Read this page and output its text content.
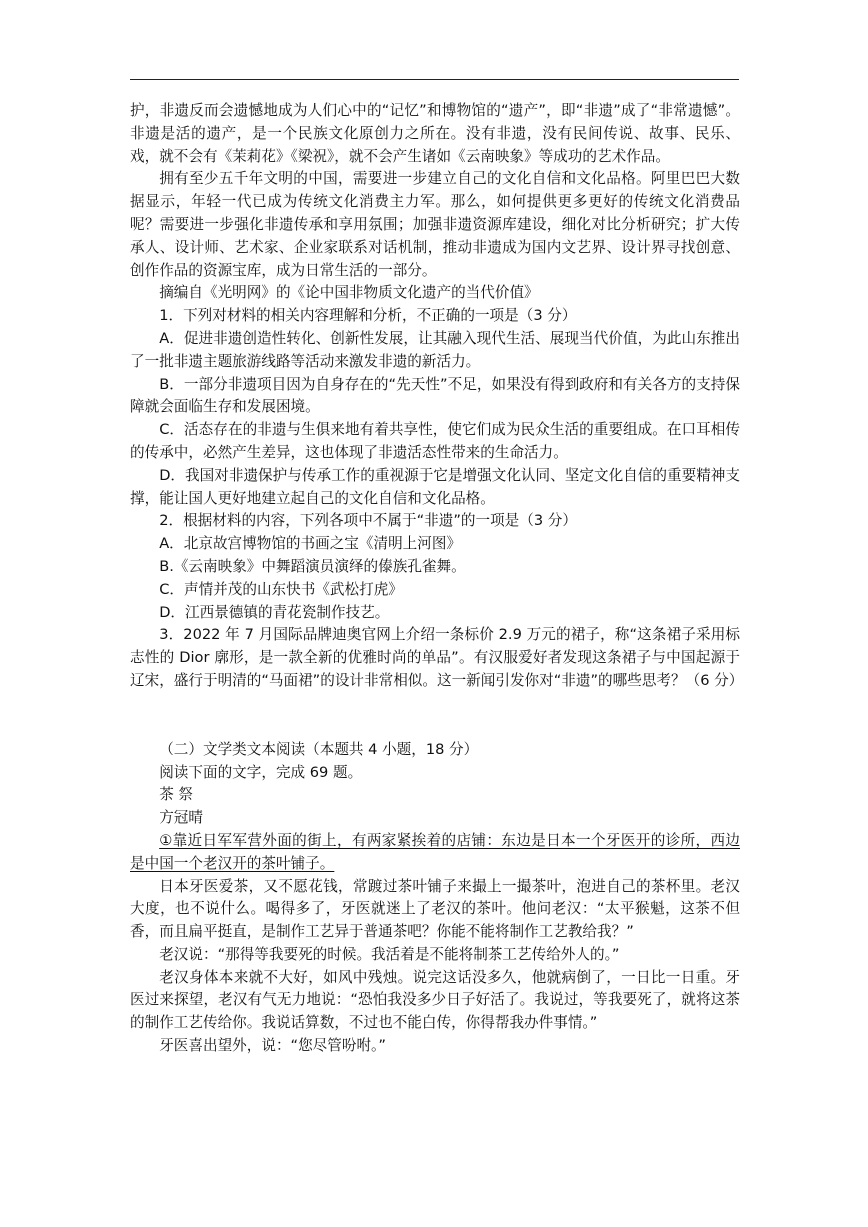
护，非遗反而会遗憾地成为人们心中的“记忆”和博物馆的“遗产”，即“非遗”成了“非常遗憾”。非遗是活的遗产，是一个民族文化原创力之所在。没有非遗，没有民间传说、故事、民乐、戏，就不会有《茉莉花》《梁祝》，就不会产生诸如《云南映象》等成功的艺术作品。

拥有至少五千年文明的中国，需要进一步建立自己的文化自信和文化品格。阿里巴巴大数据显示，年轻一代已成为传统文化消费主力军。那么，如何提供更多更好的传统文化消费品呢？需要进一步强化非遗传承和享用氛围；加强非遗资源库建设，细化对比分析研究；扩大传承人、设计师、艺术家、企业家联系对话机制，推动非遗成为国内文艺界、设计界寻找创意、创作作品的资源宝库，成为日常生活的一部分。

摘编自《光明网》的《论中国非物质文化遗产的当代价值》

1．下列对材料的相关内容理解和分析，不正确的一项是（3 分）

A．促进非遗创造性转化、创新性发展，让其融入现代生活、展现当代价值，为此山东推出了一批非遗主题旅游线路等活动来激发非遗的新活力。

B．一部分非遗项目因为自身存在的“先天性”不足，如果没有得到政府和有关各方的支持保障就会面临生存和发展困境。

C．活态存在的非遗与生俱来地有着共享性，使它们成为民众生活的重要组成。在口耳相传的传承中，必然产生差异，这也体现了非遗活态性带来的生命活力。

D．我国对非遗保护与传承工作的重视源于它是增强文化认同、坚定文化自信的重要精神支撑，能让国人更好地建立起自己的文化自信和文化品格。

2．根据材料的内容，下列各项中不属于“非遗”的一项是（3 分）

A．北京故宫博物馆的书画之宝《清明上河图》

B.《云南映象》中舞蹈演员演绎的傣族孔雀舞。

C．声情并茂的山东快书《武松打虎》

D．江西景德镇的青花瓷制作技艺。

3．2022 年 7 月国际品牌迪奥官网上介绍一条标价 2.9 万元的裙子，称“这条裙子采用标志性的 Dior 廓形，是一款全新的优雅时尚的单品”。有汉服爱好者发现这条裙子与中国起源于辽宋，盛行于明清的“马面裙”的设计非常相似。这一新闻引发你对“非遗”的哪些思考？（6 分）

（二）文学类文本阅读（本题共 4 小题，18 分）

阅读下面的文字，完成 69 题。

茶 祭

方冠晴

①靠近日军军营外面的街上，有两家紧挨着的店铺：东边是日本一个牙医开的诊所，西边是中国一个老汉开的茶叶铺子。

日本牙医爱茶，又不愿花钱，常踱过茶叶铺子来撮上一撮茶叶，泡进自己的茶杯里。老汉大度，也不说什么。喝得多了，牙医就迷上了老汉的茶叶。他问老汉：“太平猴魁，这茶不但香，而且扁平挺直，是制作工艺异于普通茶吧？你能不能将制作工艺教给我？”

老汉说：“那得等我要死的时候。我活着是不能将制茶工艺传给外人的。”

老汉身体本来就不大好，如风中残烛。说完这话没多久，他就病倒了，一日比一日重。牙医过来探望，老汉有气无力地说：“恐怕我没多少日子好活了。我说过，等我要死了，就将这茶的制作工艺传给你。我说话算数，不过也不能白传，你得帮我办件事情。”

牙医喜出望外，说：“您尽管吩咐。”
